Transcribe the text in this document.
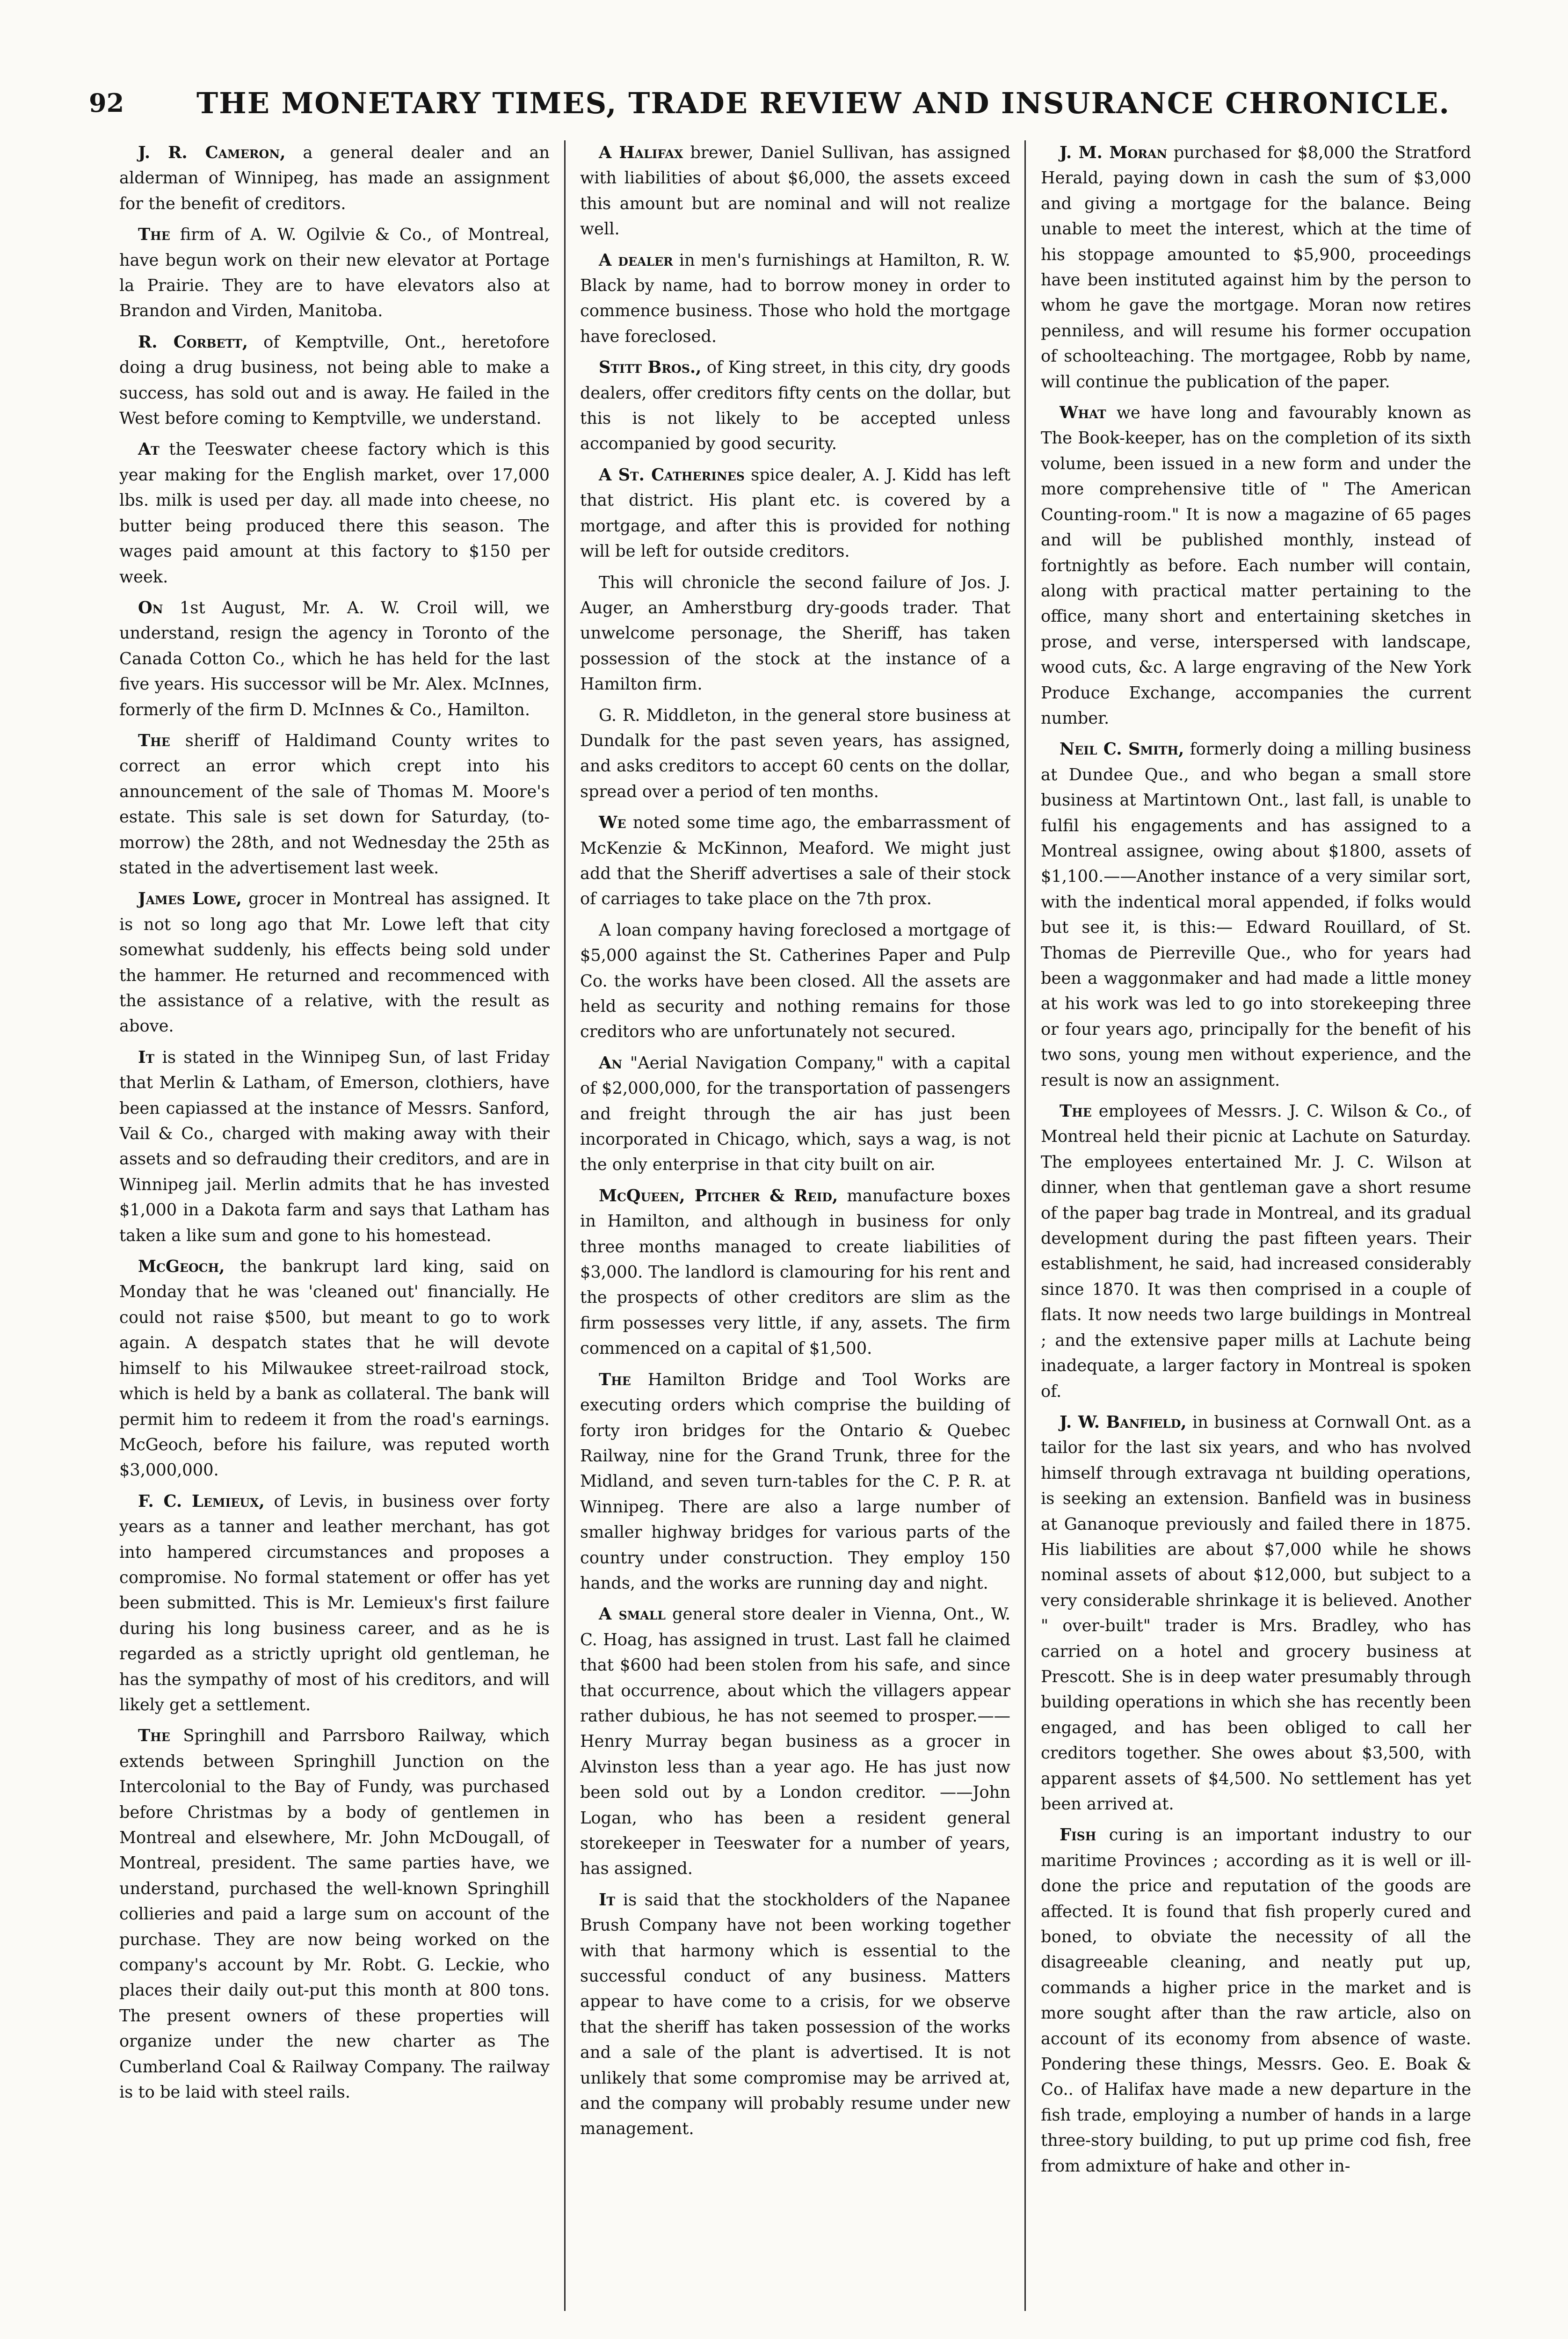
92	THE MONETARY TIMES, TRADE REVIEW AND INSURANCE CHRONICLE.

J. R. Cameron, a general dealer and an alderman of Winnipeg, has made an assignment for the benefit of creditors.

The firm of A. W. Ogilvie & Co., of Montreal, have begun work on their new elevator at Portage la Prairie. They are to have elevators also at Brandon and Virden, Manitoba.

R. Corbett, of Kemptville, Ont., heretofore doing a drug business, not being able to make a success, has sold out and is away. He failed in the West before coming to Kemptville, we understand.

At the Teeswater cheese factory which is this year making for the English market, over 17,000 lbs. milk is used per day. all made into cheese, no butter being produced there this season. The wages paid amount at this factory to $150 per week.

On 1st August, Mr. A. W. Croil will, we understand, resign the agency in Toronto of the Canada Cotton Co., which he has held for the last five years. His successor will be Mr. Alex. McInnes, formerly of the firm D. McInnes & Co., Hamilton.

The sheriff of Haldimand County writes to correct an error which crept into his announcement of the sale of Thomas M. Moore's estate. This sale is set down for Saturday, (to-morrow) the 28th, and not Wednesday the 25th as stated in the advertisement last week.

James Lowe, grocer in Montreal has assigned. It is not so long ago that Mr. Lowe left that city somewhat suddenly, his effects being sold under the hammer. He returned and recommenced with the assistance of a relative, with the result as above.

It is stated in the Winnipeg Sun, of last Friday that Merlin & Latham, of Emerson, clothiers, have been capiassed at the instance of Messrs. Sanford, Vail & Co., charged with making away with their assets and so defrauding their creditors, and are in Winnipeg jail. Merlin admits that he has invested $1,000 in a Dakota farm and says that Latham has taken a like sum and gone to his homestead.

McGeoch, the bankrupt lard king, said on Monday that he was 'cleaned out' financially. He could not raise $500, but meant to go to work again. A despatch states that he will devote himself to his Milwaukee street-railroad stock, which is held by a bank as collateral. The bank will permit him to redeem it from the road's earnings. McGeoch, before his failure, was reputed worth $3,000,000.

F. C. Lemieux, of Levis, in business over forty years as a tanner and leather merchant, has got into hampered circumstances and proposes a compromise. No formal statement or offer has yet been submitted. This is Mr. Lemieux's first failure during his long business career, and as he is regarded as a strictly upright old gentleman, he has the sympathy of most of his creditors, and will likely get a settlement.

The Springhill and Parrsboro Railway, which extends between Springhill Junction on the Intercolonial to the Bay of Fundy, was purchased before Christmas by a body of gentlemen in Montreal and elsewhere, Mr. John McDougall, of Montreal, president. The same parties have, we understand, purchased the well-known Springhill collieries and paid a large sum on account of the purchase. They are now being worked on the company's account by Mr. Robt. G. Leckie, who places their daily out-put this month at 800 tons. The present owners of these properties will organize under the new charter as The Cumberland Coal & Railway Company. The railway is to be laid with steel rails.

A Halifax brewer, Daniel Sullivan, has assigned with liabilities of about $6,000, the assets exceed this amount but are nominal and will not realize well.

A dealer in men's furnishings at Hamilton, R. W. Black by name, had to borrow money in order to commence business. Those who hold the mortgage have foreclosed.

Stitt Bros., of King street, in this city, dry goods dealers, offer creditors fifty cents on the dollar, but this is not likely to be accepted unless accompanied by good security.

A St. Catherines spice dealer, A. J. Kidd has left that district. His plant etc. is covered by a mortgage, and after this is provided for nothing will be left for outside creditors.

This will chronicle the second failure of Jos. J. Auger, an Amherstburg dry-goods trader. That unwelcome personage, the Sheriff, has taken possession of the stock at the instance of a Hamilton firm.

G. R. Middleton, in the general store business at Dundalk for the past seven years, has assigned, and asks creditors to accept 60 cents on the dollar, spread over a period of ten months.

We noted some time ago, the embarrassment of McKenzie & McKinnon, Meaford. We might just add that the Sheriff advertises a sale of their stock of carriages to take place on the 7th prox.

A loan company having foreclosed a mortgage of $5,000 against the St. Catherines Paper and Pulp Co. the works have been closed. All the assets are held as security and nothing remains for those creditors who are unfortunately not secured.

An "Aerial Navigation Company," with a capital of $2,000,000, for the transportation of passengers and freight through the air has just been incorporated in Chicago, which, says a wag, is not the only enterprise in that city built on air.

McQueen, Pitcher & Reid, manufacture boxes in Hamilton, and although in business for only three months managed to create liabilities of $3,000. The landlord is clamouring for his rent and the prospects of other creditors are slim as the firm possesses very little, if any, assets. The firm commenced on a capital of $1,500.

The Hamilton Bridge and Tool Works are executing orders which comprise the building of forty iron bridges for the Ontario & Quebec Railway, nine for the Grand Trunk, three for the Midland, and seven turn-tables for the C. P. R. at Winnipeg. There are also a large number of smaller highway bridges for various parts of the country under construction. They employ 150 hands, and the works are running day and night.

A small general store dealer in Vienna, Ont., W. C. Hoag, has assigned in trust. Last fall he claimed that $600 had been stolen from his safe, and since that occurrence, about which the villagers appear rather dubious, he has not seemed to prosper.——Henry Murray began business as a grocer in Alvinston less than a year ago. He has just now been sold out by a London creditor. ——John Logan, who has been a resident general storekeeper in Teeswater for a number of years, has assigned.

It is said that the stockholders of the Napanee Brush Company have not been working together with that harmony which is essential to the successful conduct of any business. Matters appear to have come to a crisis, for we observe that the sheriff has taken possession of the works and a sale of the plant is advertised. It is not unlikely that some compromise may be arrived at, and the company will probably resume under new management.

J. M. Moran purchased for $8,000 the Stratford Herald, paying down in cash the sum of $3,000 and giving a mortgage for the balance. Being unable to meet the interest, which at the time of his stoppage amounted to $5,900, proceedings have been instituted against him by the person to whom he gave the mortgage. Moran now retires penniless, and will resume his former occupation of schoolteaching. The mortgagee, Robb by name, will continue the publication of the paper.

What we have long and favourably known as The Book-keeper, has on the completion of its sixth volume, been issued in a new form and under the more comprehensive title of " The American Counting-room." It is now a magazine of 65 pages and will be published monthly, instead of fortnightly as before. Each number will contain, along with practical matter pertaining to the office, many short and entertaining sketches in prose, and verse, interspersed with landscape, wood cuts, &c. A large engraving of the New York Produce Exchange, accompanies the current number.

Neil C. Smith, formerly doing a milling business at Dundee Que., and who began a small store business at Martintown Ont., last fall, is unable to fulfil his engagements and has assigned to a Montreal assignee, owing about $1800, assets of $1,100.——Another instance of a very similar sort, with the indentical moral appended, if folks would but see it, is this:— Edward Rouillard, of St. Thomas de Pierreville Que., who for years had been a waggonmaker and had made a little money at his work was led to go into storekeeping three or four years ago, principally for the benefit of his two sons, young men without experience, and the result is now an assignment.

The employees of Messrs. J. C. Wilson & Co., of Montreal held their picnic at Lachute on Saturday. The employees entertained Mr. J. C. Wilson at dinner, when that gentleman gave a short resume of the paper bag trade in Montreal, and its gradual development during the past fifteen years. Their establishment, he said, had increased considerably since 1870. It was then comprised in a couple of flats. It now needs two large buildings in Montreal ; and the extensive paper mills at Lachute being inadequate, a larger factory in Montreal is spoken of.

J. W. Banfield, in business at Cornwall Ont. as a tailor for the last six years, and who has nvolved himself through extravaga nt building operations, is seeking an extension. Banfield was in business at Gananoque previously and failed there in 1875. His liabilities are about $7,000 while he shows nominal assets of about $12,000, but subject to a very considerable shrinkage it is believed. Another " over-built" trader is Mrs. Bradley, who has carried on a hotel and grocery business at Prescott. She is in deep water presumably through building operations in which she has recently been engaged, and has been obliged to call her creditors together. She owes about $3,500, with apparent assets of $4,500. No settlement has yet been arrived at.

Fish curing is an important industry to our maritime Provinces ; according as it is well or ill-done the price and reputation of the goods are affected. It is found that fish properly cured and boned, to obviate the necessity of all the disagreeable cleaning, and neatly put up, commands a higher price in the market and is more sought after than the raw article, also on account of its economy from absence of waste. Pondering these things, Messrs. Geo. E. Boak & Co.. of Halifax have made a new departure in the fish trade, employing a number of hands in a large three-story building, to put up prime cod fish, free from admixture of hake and other in-
